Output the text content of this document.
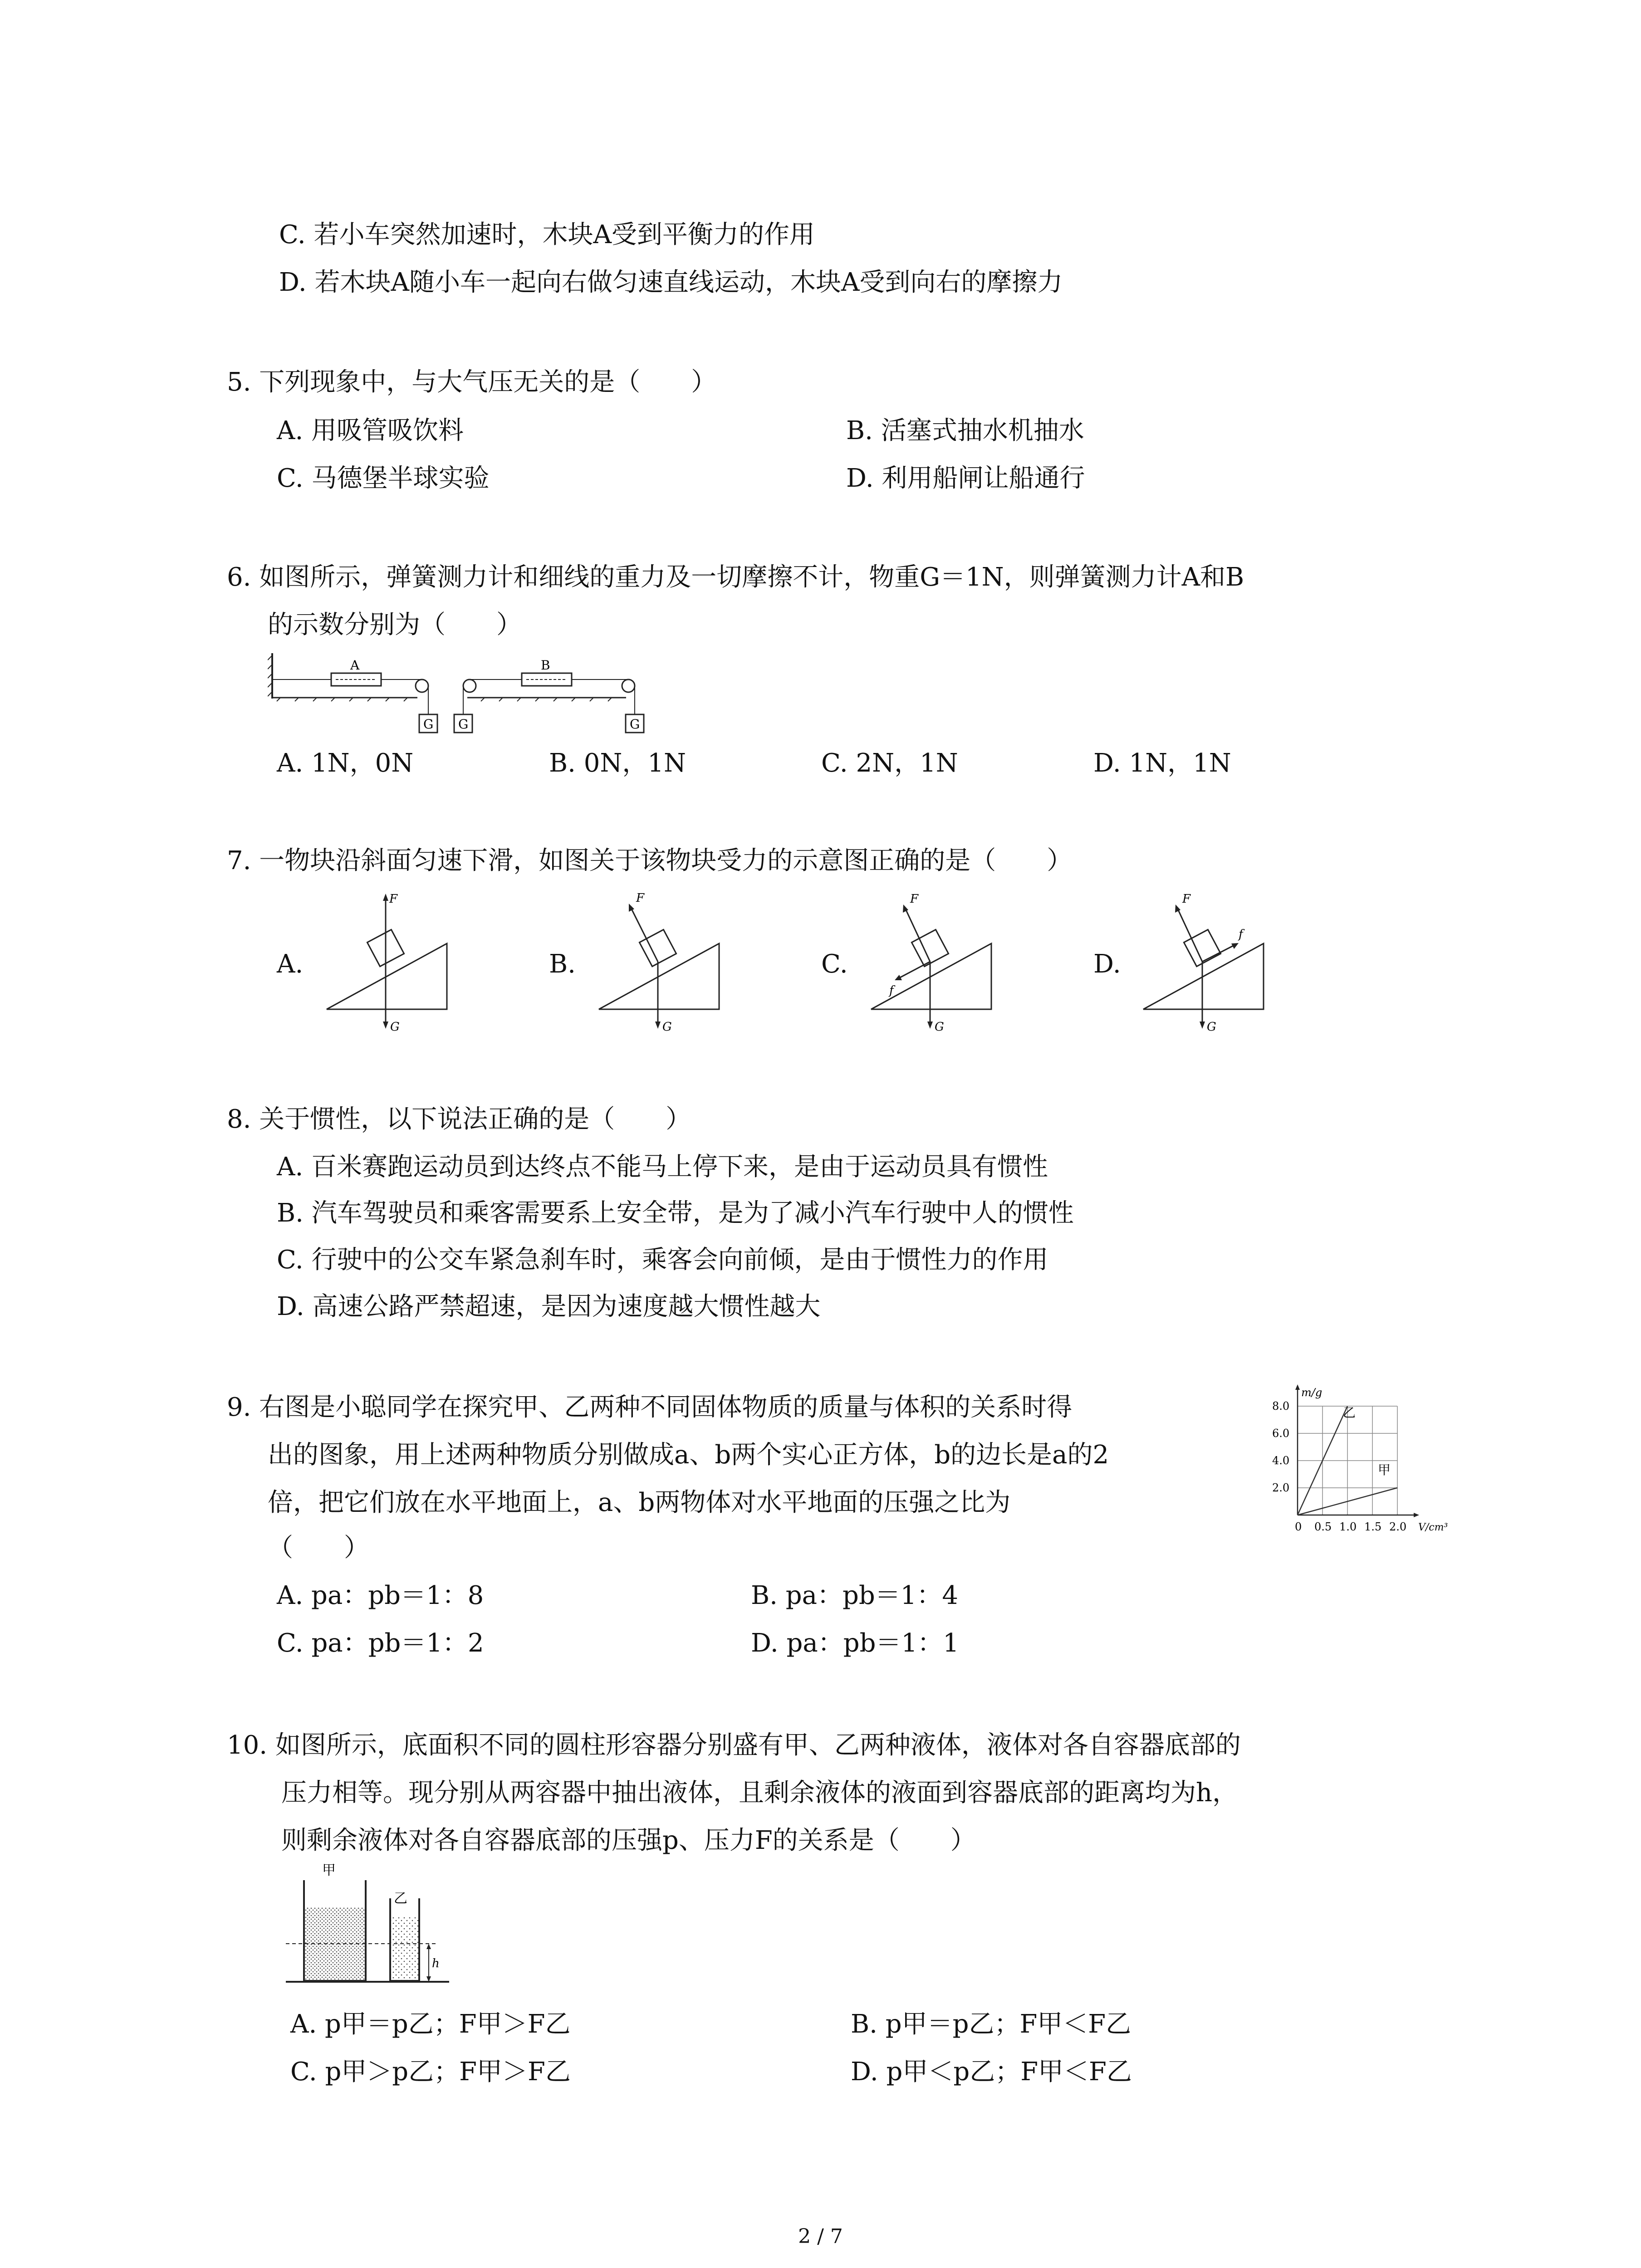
C. 若小车突然加速时，木块A受到平衡力的作用
D. 若木块A随小车一起向右做匀速直线运动，木块A受到向右的摩擦力
5. 下列现象中，与大气压无关的是（　　）
A. 用吸管吸饮料	B. 活塞式抽水机抽水
C. 马德堡半球实验	D. 利用船闸让船通行
6. 如图所示，弹簧测力计和细线的重力及一切摩擦不计，物重G＝1N，则弹簧测力计A和B
的示数分别为（　　）
A
G G
B
G
A. 1N，0N	B. 0N，1N	C. 2N，1N	D. 1N，1N
7. 一物块沿斜面匀速下滑，如图关于该物块受力的示意图正确的是（　　）
A.
F
G
B.
F
G
C.
F
G
f
D.
F
G
f
8. 关于惯性，以下说法正确的是（　　）
A. 百米赛跑运动员到达终点不能马上停下来，是由于运动员具有惯性
B. 汽车驾驶员和乘客需要系上安全带，是为了减小汽车行驶中人的惯性
C. 行驶中的公交车紧急刹车时，乘客会向前倾，是由于惯性力的作用
D. 高速公路严禁超速，是因为速度越大惯性越大
9. 右图是小聪同学在探究甲、乙两种不同固体物质的质量与体积的关系时得
出的图象，用上述两种物质分别做成a、b两个实心正方体，b的边长是a的2
倍，把它们放在水平地面上，a、b两物体对水平地面的压强之比为
（　　）
0 0.5 1.0 1.5 2.0
2.0
4.0
6.0
8.0
m/g
V/cm³
乙
甲
A. pa：pb＝1：8	B. pa：pb＝1：4
C. pa：pb＝1：2	D. pa：pb＝1：1
10. 如图所示，底面积不同的圆柱形容器分别盛有甲、乙两种液体，液体对各自容器底部的
压力相等。现分别从两容器中抽出液体，且剩余液体的液面到容器底部的距离均为h，
则剩余液体对各自容器底部的压强p、压力F的关系是（　　）
甲
乙
h
A. p甲＝p乙；F甲＞F乙	B. p甲＝p乙；F甲＜F乙
C. p甲＞p乙；F甲＞F乙	D. p甲＜p乙；F甲＜F乙
2 / 7
